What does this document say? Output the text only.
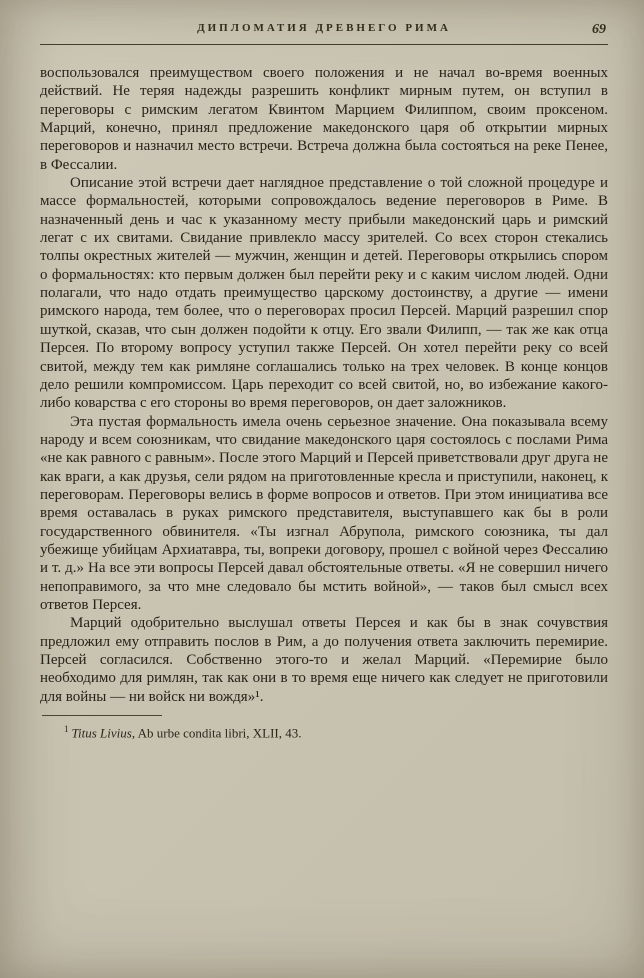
ДИПЛОМАТИЯ ДРЕВНЕГО РИМА	69

воспользовался преимуществом своего положения и не начал во-время военных действий. Не теряя надежды разрешить конфликт мирным путем, он вступил в переговоры с римским легатом Квинтом Марцием Филиппом, своим проксеном. Марций, конечно, принял предложение македонского царя об открытии мирных переговоров и назначил место встречи. Встреча должна была состояться на реке Пенее, в Фессалии.

Описание этой встречи дает наглядное представление о той сложной процедуре и массе формальностей, которыми сопровождалось ведение переговоров в Риме. В назначенный день и час к указанному месту прибыли македонский царь и римский легат с их свитами. Свидание привлекло массу зрителей. Со всех сторон стекались толпы окрестных жителей — мужчин, женщин и детей. Переговоры открылись спором о формальностях: кто первым должен был перейти реку и с каким числом людей. Одни полагали, что надо отдать преимущество царскому достоинству, а другие — имени римского народа, тем более, что о переговорах просил Персей. Марций разрешил спор шуткой, сказав, что сын должен подойти к отцу. Его звали Филипп, — так же как отца Персея. По второму вопросу уступил также Персей. Он хотел перейти реку со всей свитой, между тем как римляне соглашались только на трех человек. В конце концов дело решили компромиссом. Царь переходит со всей свитой, но, во избежание какого-либо коварства с его стороны во время переговоров, он дает заложников.

Эта пустая формальность имела очень серьезное значение. Она показывала всему народу и всем союзникам, что свидание македонского царя состоялось с послами Рима «не как равного с равным». После этого Марций и Персей приветствовали друг друга не как враги, а как друзья, сели рядом на приготовленные кресла и приступили, наконец, к переговорам. Переговоры велись в форме вопросов и ответов. При этом инициатива все время оставалась в руках римского представителя, выступавшего как бы в роли государственного обвинителя. «Ты изгнал Абрупола, римского союзника, ты дал убежище убийцам Архиатавра, ты, вопреки договору, прошел с войной через Фессалию и т. д.» На все эти вопросы Персей давал обстоятельные ответы. «Я не совершил ничего непоправимого, за что мне следовало бы мстить войной», — таков был смысл всех ответов Персея.

Марций одобрительно выслушал ответы Персея и как бы в знак сочувствия предложил ему отправить послов в Рим, а до получения ответа заключить перемирие. Персей согласился. Собственно этого-то и желал Марций. «Перемирие было необходимо для римлян, так как они в то время еще ничего как следует не приготовили для войны — ни войск ни вождя»¹.

$^1$ Titus Livius, Ab urbe condita libri, XLII, 43.
